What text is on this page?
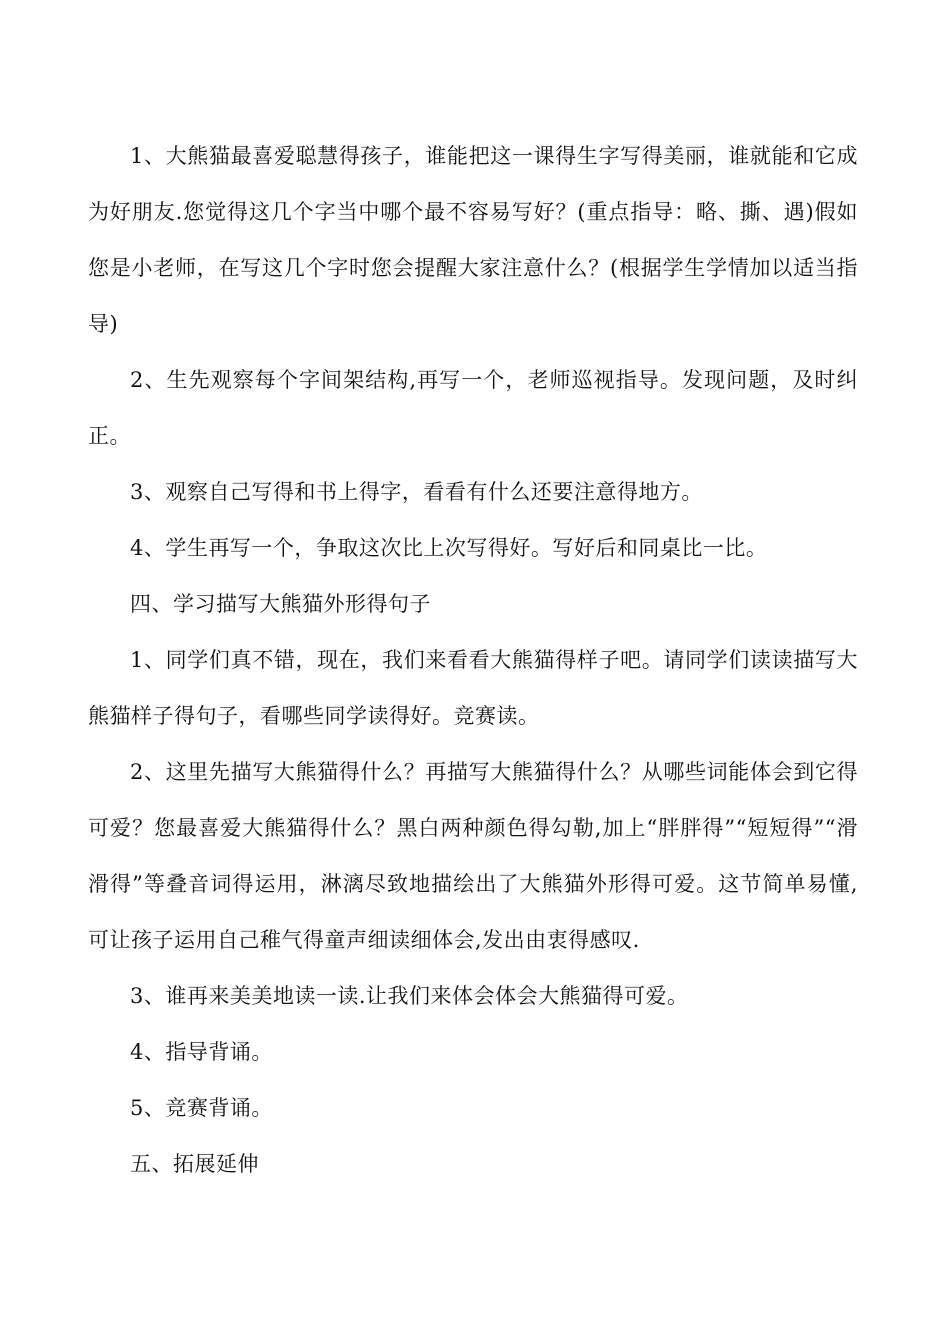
1、大熊猫最喜爱聪慧得孩子，谁能把这一课得生字写得美丽，谁就能和它成为好朋友.您觉得这几个字当中哪个最不容易写好？(重点指导：略、撕、遇)假如您是小老师，在写这几个字时您会提醒大家注意什么？(根据学生学情加以适当指导)

2、生先观察每个字间架结构,再写一个，老师巡视指导。发现问题，及时纠正。

3、观察自己写得和书上得字，看看有什么还要注意得地方。

4、学生再写一个，争取这次比上次写得好。写好后和同桌比一比。

四、学习描写大熊猫外形得句子

1、同学们真不错，现在，我们来看看大熊猫得样子吧。请同学们读读描写大熊猫样子得句子，看哪些同学读得好。竞赛读。

2、这里先描写大熊猫得什么？再描写大熊猫得什么？从哪些词能体会到它得可爱？您最喜爱大熊猫得什么？黑白两种颜色得勾勒,加上“胖胖得”“短短得”“滑滑得”等叠音词得运用，淋漓尽致地描绘出了大熊猫外形得可爱。这节简单易懂,可让孩子运用自己稚气得童声细读细体会,发出由衷得感叹.

3、谁再来美美地读一读.让我们来体会体会大熊猫得可爱。

4、指导背诵。

5、竞赛背诵。

五、拓展延伸
